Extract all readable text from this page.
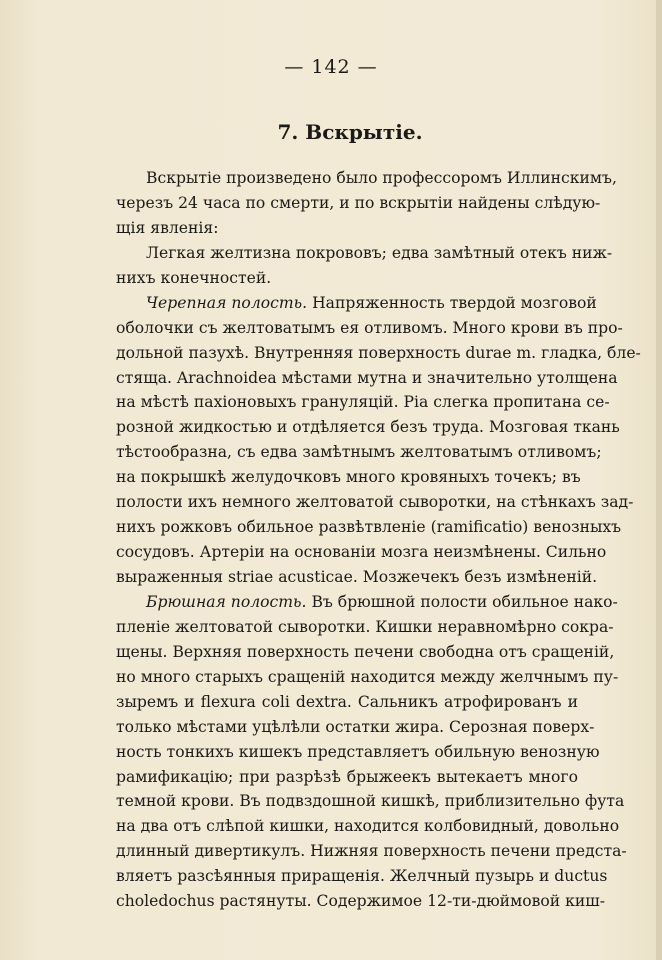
— 142 —
7. Вскрытіе.
Вскрытіе произведено было профессоромъ Иллинскимъ,
черезъ 24 часа по смерти, и по вскрытіи найдены слѣдую-
щія явленія:
Легкая желтизна покрововъ; едва замѣтный отекъ ниж-
нихъ конечностей.
Черепная полость. Напряженность твердой мозговой
оболочки съ желтоватымъ ея отливомъ. Много крови въ про-
дольной пазухѣ. Внутренняя поверхность durae m. гладка, бле-
стяща. Arachnoidea мѣстами мутна и значительно утолщена
на мѣстѣ пахіоновыхъ грануляцій. Pia слегка пропитана се-
розной жидкостью и отдѣляется безъ труда. Мозговая ткань
тѣстообразна, съ едва замѣтнымъ желтоватымъ отливомъ;
на покрышкѣ желудочковъ много кровяныхъ точекъ; въ
полости ихъ немного желтоватой сыворотки, на стѣнкахъ зад-
нихъ рожковъ обильное развѣтвленіе (ramificatio) венозныхъ
сосудовъ. Артеріи на основаніи мозга неизмѣнены. Сильно
выраженныя striae acusticae. Мозжечекъ безъ измѣненій.
Брюшная полость. Въ брюшной полости обильное нако-
пленіе желтоватой сыворотки. Кишки неравномѣрно сокра-
щены. Верхняя поверхность печени свободна отъ сращеній,
но много старыхъ сращеній находится между желчнымъ пу-
зыремъ и flexura coli dextra. Сальникъ атрофированъ и
только мѣстами уцѣлѣли остатки жира. Серозная поверх-
ность тонкихъ кишекъ представляетъ обильную венозную
рамификацію; при разрѣзѣ брыжеекъ вытекаетъ много
темной крови. Въ подвздошной кишкѣ, приблизительно фута
на два отъ слѣпой кишки, находится колбовидный, довольно
длинный дивертикулъ. Нижняя поверхность печени предста-
вляетъ разсѣянныя приращенія. Желчный пузырь и ductus
choledochus растянуты. Содержимое 12-ти-дюймовой киш-
